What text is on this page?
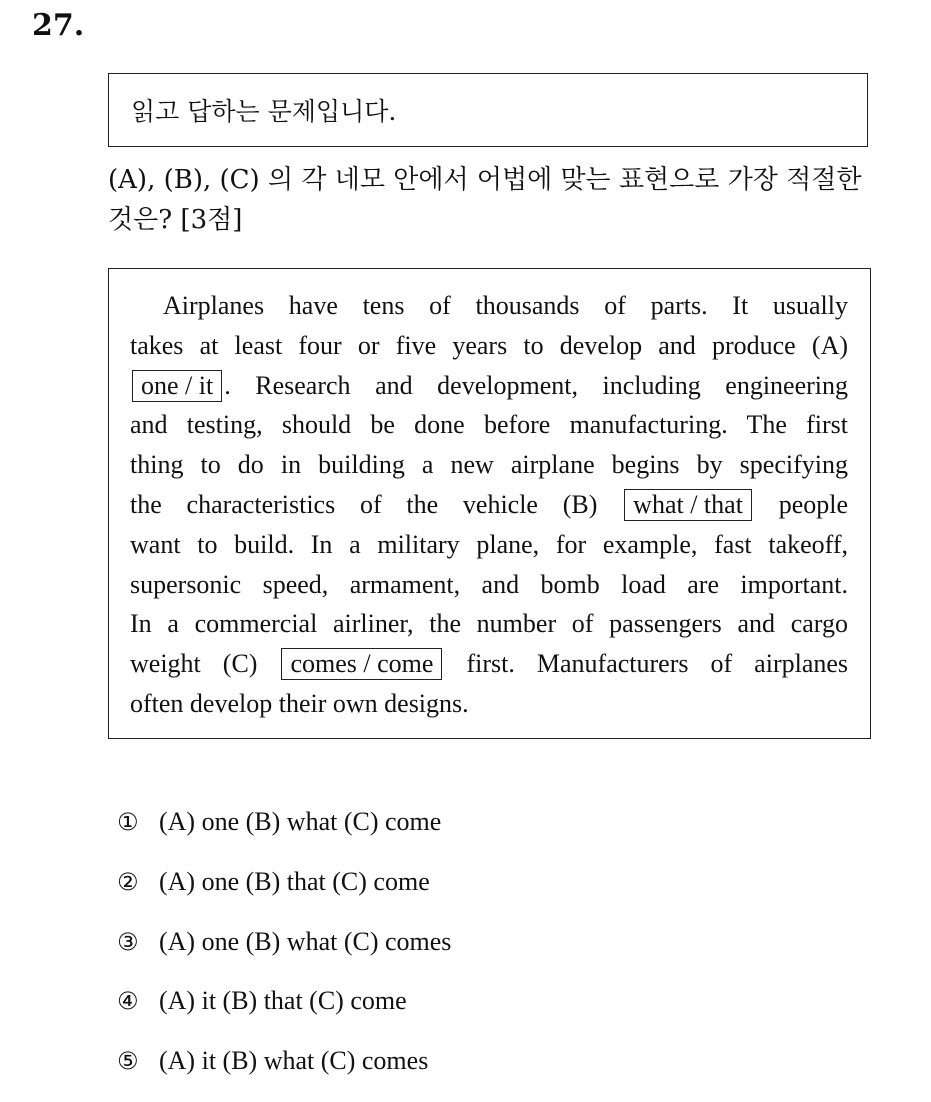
27.
읽고 답하는 문제입니다.
(A), (B), (C) 의 각 네모 안에서 어법에 맞는 표현으로 가장 적절한
것은? [3점]
Airplanes have tens of thousands of parts. It usually
takes at least four or five years to develop and produce (A)
one / it . Research and development, including engineering
and testing, should be done before manufacturing. The first
thing to do in building a new airplane begins by specifying
the characteristics of the vehicle (B) what / that people
want to build. In a military plane, for example, fast takeoff,
supersonic speed, armament, and bomb load are important.
In a commercial airliner, the number of passengers and cargo
weight (C) comes / come first. Manufacturers of airplanes
often develop their own designs.
① (A) one (B) what (C) come
② (A) one (B) that (C) come
③ (A) one (B) what (C) comes
④ (A) it (B) that (C) come
⑤ (A) it (B) what (C) comes
